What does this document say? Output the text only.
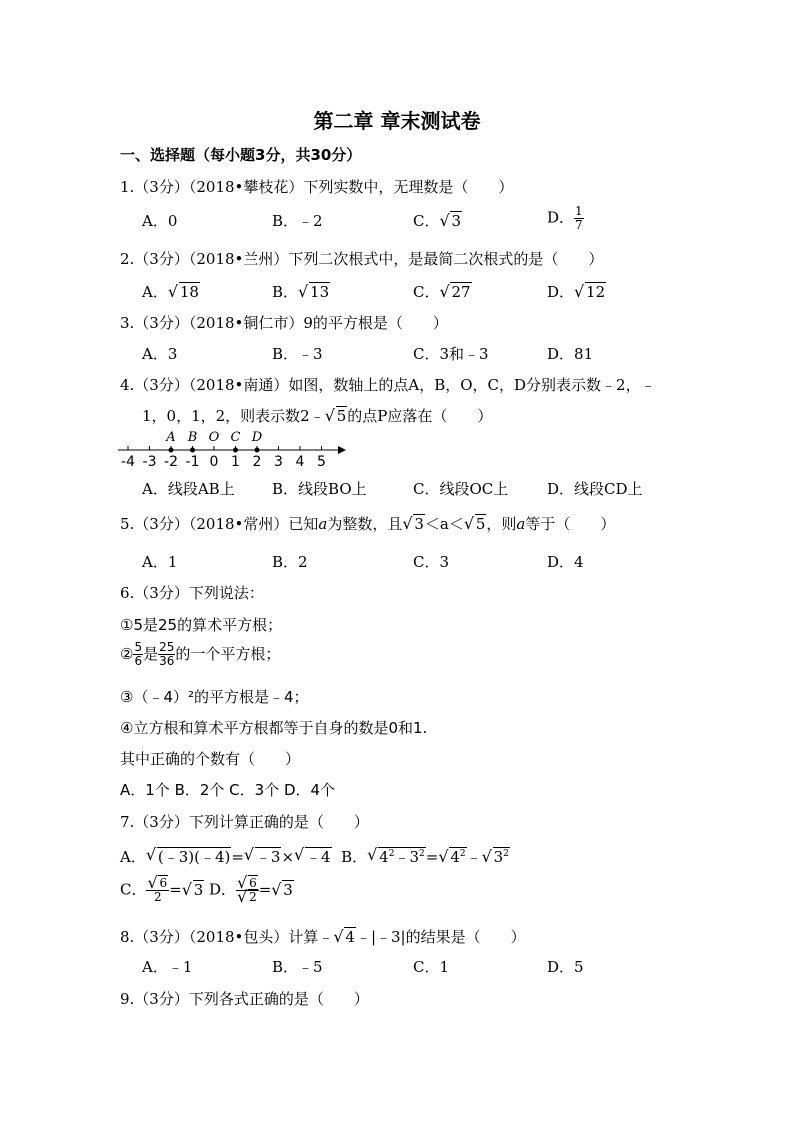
第二章 章末测试卷
一、选择题（每小题3分，共30分）
1.（3分）（2018•攀枝花）下列实数中，无理数是（　　）
A．0	B．﹣2	C．√ 3	D． $\frac{1}{7}$
2.（3分）（2018•兰州）下列二次根式中，是最简二次根式的是（　　）
A．√ 18	B．√ 13	C．√ 27	D．√ 12
3.（3分）（2018•铜仁市）9的平方根是（　　）
A．3	B．﹣3	C．3和﹣3	D．81
4.（3分）（2018•南通）如图，数轴上的点A，B，O，C，D分别表示数﹣2，﹣
1，0，1，2，则表示数2﹣√ 5的点P应落在（　　）
-4 -3 -2 -1 0 1 2 3 4 5
A B O C D
A．线段AB上 B．线段BO上	C．线段OC上	D．线段CD上
5.（3分）（2018•常州）已知a为整数，且√ 3＜a＜√ 5，则a等于（　　）
A．1	B．2	C．3	D．4
6.（3分）下列说法：
①5是25的算术平方根；
② $\frac{5}{6}$ 是 $\frac{25}{36}$ 的一个平方根；
③（﹣4）²的平方根是﹣4；
④立方根和算术平方根都等于自身的数是0和1.
其中正确的个数有（　　）
A．1个 B．2个 C．3个 D．4个
7.（3分）下列计算正确的是（　　）
A．√ (﹣3)(﹣4)=√ ﹣3×√ ﹣4 B．√ $4^2﹣3^2=√$ $4^2﹣√$ $3^2$
C．
√ $\frac{6}{2}$ =√ 3 D．
√ 6
√ 2 =√ 3
8.（3分）（2018•包头）计算﹣√ 4﹣|﹣3|的结果是（　　）
A．﹣1	B．﹣5	C．1	D．5
9.（3分）下列各式正确的是（　　）
